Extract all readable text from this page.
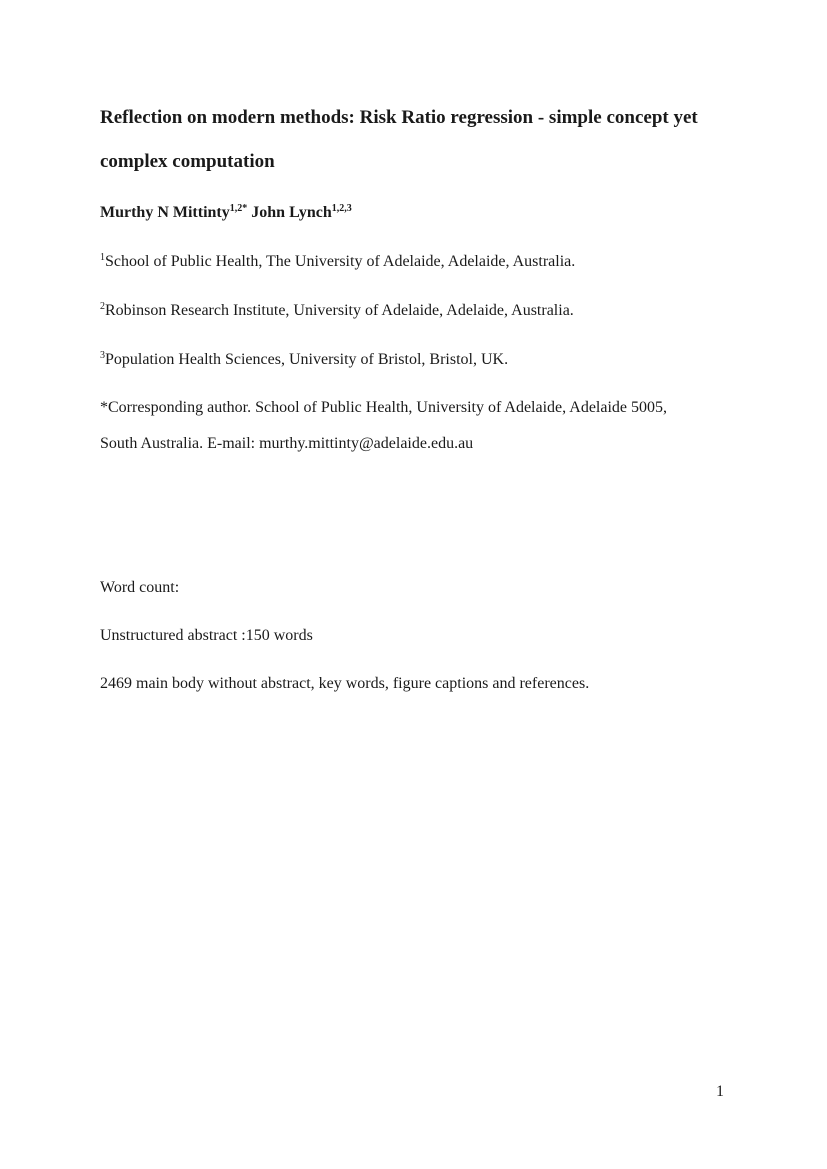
Reflection on modern methods: Risk Ratio regression - simple concept yet complex computation

Murthy N Mittinty$^{1,2*}$ John Lynch$^{1,2,3}$

$^1$School of Public Health, The University of Adelaide, Adelaide, Australia.

$^2$Robinson Research Institute, University of Adelaide, Adelaide, Australia.

$^3$Population Health Sciences, University of Bristol, Bristol, UK.

*Corresponding author. School of Public Health, University of Adelaide, Adelaide 5005,
South Australia. E-mail: murthy.mittinty@adelaide.edu.au

Word count:

Unstructured abstract :150 words

2469 main body without abstract, key words, figure captions and references.

1
